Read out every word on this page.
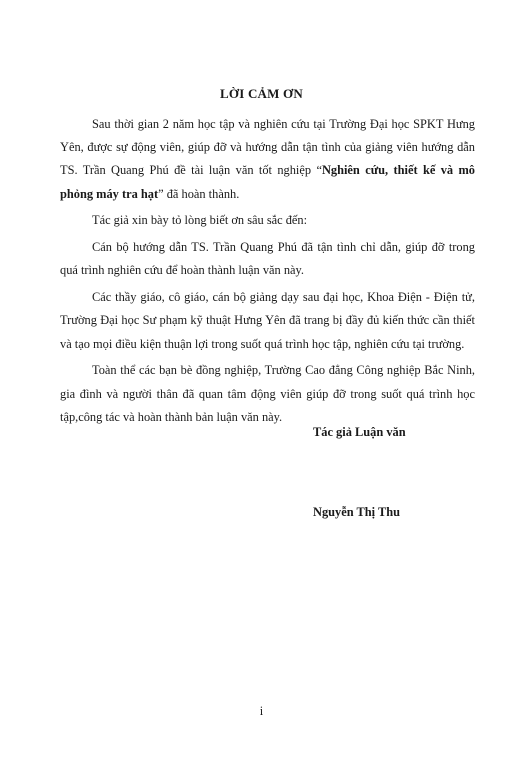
LỜI CẢM ƠN

Sau thời gian 2 năm học tập và nghiên cứu tại Trường Đại học SPKT Hưng Yên, được sự động viên, giúp đỡ và hướng dẫn tận tình của giảng viên hướng dẫn TS. Trần Quang Phú đề tài luận văn tốt nghiệp “Nghiên cứu, thiết kế và mô phỏng máy tra hạt” đã hoàn thành.

Tác giả xin bày tỏ lòng biết ơn sâu sắc đến:

Cán bộ hướng dẫn TS. Trần Quang Phú đã tận tình chỉ dẫn, giúp đỡ trong quá trình nghiên cứu để hoàn thành luận văn này.

Các thầy giáo, cô giáo, cán bộ giảng dạy sau đại học, Khoa Điện - Điện tử, Trường Đại học Sư phạm kỹ thuật Hưng Yên đã trang bị đầy đủ kiến thức cần thiết và tạo mọi điều kiện thuận lợi trong suốt quá trình học tập, nghiên cứu tại trường.

Toàn thể các bạn bè đồng nghiệp, Trường Cao đẳng Công nghiệp Bắc Ninh, gia đình và người thân đã quan tâm động viên giúp đỡ trong suốt quá trình học tập,công tác và hoàn thành bản luận văn này.

Tác giả Luận văn
Nguyễn Thị Thu
i
